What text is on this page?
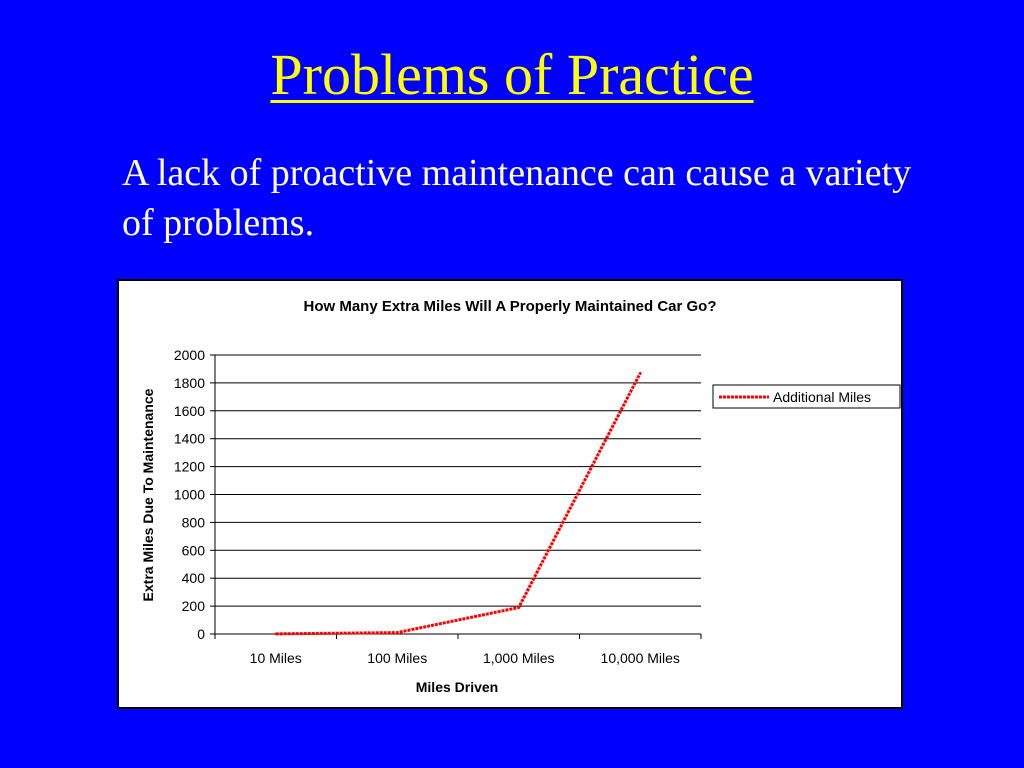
Problems of Practice
A lack of proactive maintenance can cause a variety of problems.
How Many Extra Miles Will A Properly Maintained Car Go?
0
200
400
600
800
1000
1200
1400
1600
1800
2000
10 Miles	100 Miles	1,000 Miles	10,000 Miles
Miles Driven
Extra Miles Due To Maintenance	Additional Miles
